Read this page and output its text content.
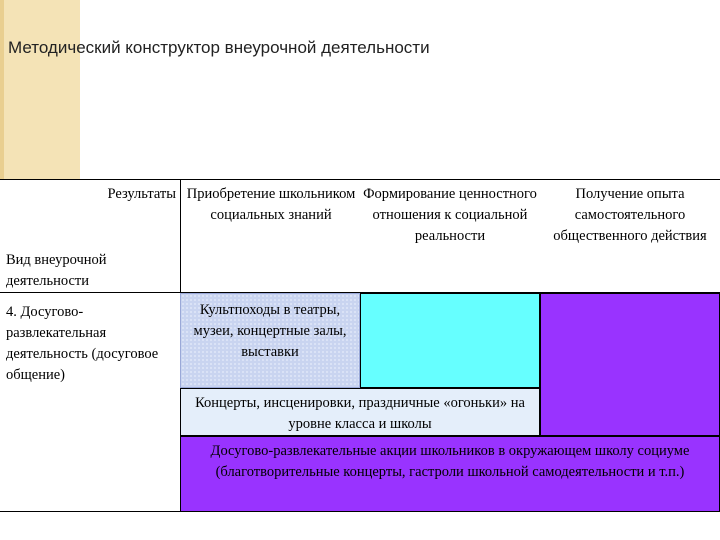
Методический конструктор внеурочной деятельности
Результаты
Вид внеурочной деятельности
Приобретение школьником социальных знаний
Формирование ценностного отношения к социальной реальности
Получение опыта самостоятельного общественного действия
4. Досугово-развлекательная деятельность (досуговое общение)
Культпоходы в театры, музеи, концертные залы, выставки
Концерты, инсценировки, праздничные «огоньки» на уровне класса и школы
Досугово-развлекательные акции школьников в окружающем школу социуме (благотворительные концерты, гастроли школьной самодеятельности и т.п.)
